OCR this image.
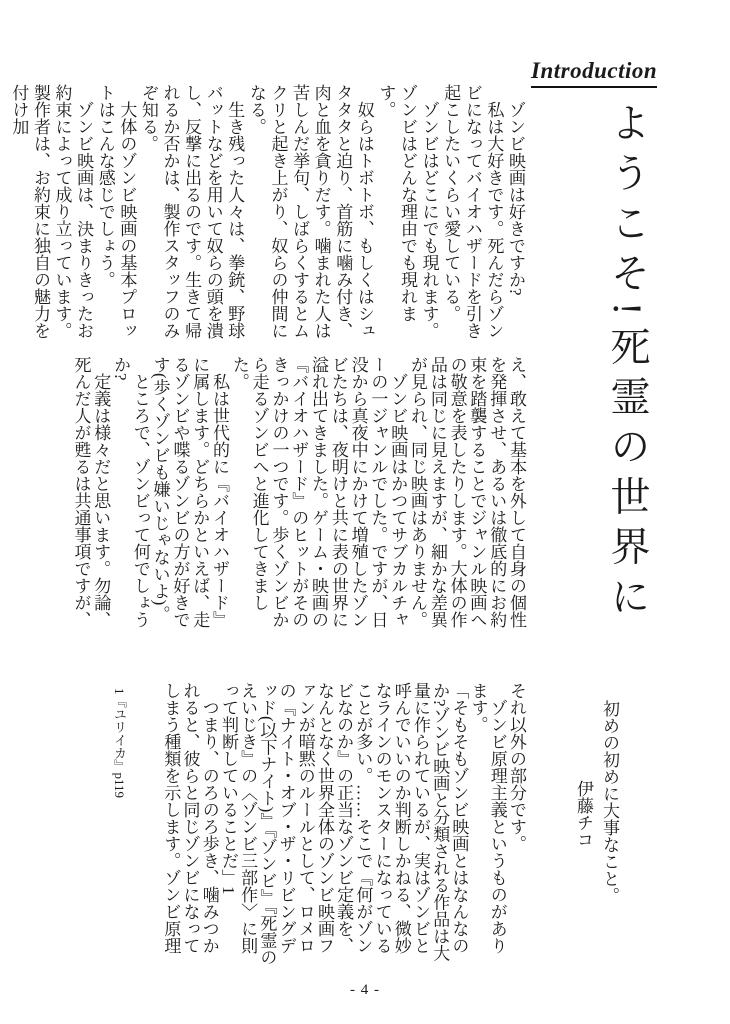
Introduction
ようこそ!死霊の世界に

　ゾンビ映画は好きですか?

　私は大好きです。死んだらゾンビになってバイオハザードを引き起こしたいくらい愛している。

　ゾンビはどこにでも現れます。ゾンビはどんな理由でも現れます。

　奴らはトボトボ、もしくはシュタタタと迫り、首筋に噛み付き、肉と血を貪りだす。噛まれた人は苦しんだ挙句、しばらくするとムクリと起き上がり、奴らの仲間になる。

　生き残った人々は、拳銃、野球バットなどを用いて奴らの頭を潰し、反撃に出るのです。生きて帰れるか否かは、製作スタッフのみぞ知る。

　大体のゾンビ映画の基本プロットはこんな感じでしょう。

　ゾンビ映画は、決まりきったお約束によって成り立っています。製作者は、お約束に独自の魅力を付け加

え、敢えて基本を外して自身の個性を発揮させ、あるいは徹底的にお約束を踏襲することでジャンル映画への敬意を表したりします。大体の作品は同じに見えますが、細かな差異が見られ、同じ映画はありません。

　ゾンビ映画はかつてサブカルチャーの一ジャンルでした。ですが、日没から真夜中にかけて増殖したゾンビたちは、夜明けと共に表の世界に溢れ出てきました。ゲーム・映画の『バイオハザード』のヒットがそのきっかけの一つです。歩くゾンビから走るゾンビへと進化してきました。

　私は世代的に『バイオハザード』に属します。どちらかといえば、走るゾンビや喋るゾンビの方が好きです(歩くゾンビも嫌いじゃないよ)。

　ところで、ゾンビって何でしょうか?

　定義は様々だと思います。勿論、死んだ人が甦るは共通事項ですが、

初めの初めに大事なこと。
伊藤チコ

それ以外の部分です。

　ゾンビ原理主義というものがあります。

「そもそもゾンビ映画とはなんなのか?ゾンビ映画と分類される作品は大量に作られているが、実はゾンビと呼んでいいのか判断しかねる、微妙なラインのモンスターになっていることが多い。……そこで『何がゾンビなのか』の正当なゾンビ定義を、なんとなく世界全体のゾンビ映画ファンが暗黙のルールとして、ロメロの『ナイト・オブ・ザ・リビングデッド(以下ナイト)』『ゾンビ』『死霊のえいじき』の〈ゾンビ三部作〉に則って判断していることだ」1

　つまり、のろのろ歩き、噛みつかれると、彼らと同じゾンビになってしまう種類を示します。ゾンビ原理

1『ユリイカ』p119
- 4 -
